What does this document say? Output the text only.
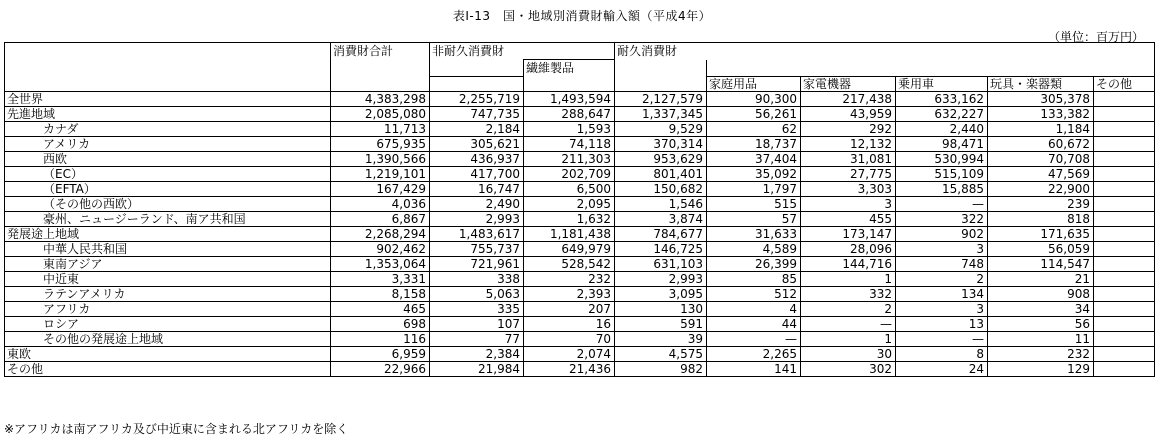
表Ⅰ-13　国・地域別消費財輸入額（平成4年）
（単位：百万円）
	消費財合計	非耐久消費財		耐久消費財					
			繊維製品						
					家庭用品	家電機器	乗用車	玩具・楽器類	その他
全世界	4,383,298	2,255,719	1,493,594	2,127,579	90,300	217,438	633,162	305,378	
先進地域	2,085,080	747,735	288,647	1,337,345	56,261	43,959	632,227	133,382	
カナダ	11,713	2,184	1,593	9,529	62	292	2,440	1,184	
アメリカ	675,935	305,621	74,118	370,314	18,737	12,132	98,471	60,672	
西欧	1,390,566	436,937	211,303	953,629	37,404	31,081	530,994	70,708	
（EC）	1,219,101	417,700	202,709	801,401	35,092	27,775	515,109	47,569	
（EFTA）	167,429	16,747	6,500	150,682	1,797	3,303	15,885	22,900	
（その他の西欧）	4,036	2,490	2,095	1,546	515	3	—	239	
豪州、ニュージーランド、南ア共和国	6,867	2,993	1,632	3,874	57	455	322	818	
発展途上地域	2,268,294	1,483,617	1,181,438	784,677	31,633	173,147	902	171,635	
中華人民共和国	902,462	755,737	649,979	146,725	4,589	28,096	3	56,059	
東南アジア	1,353,064	721,961	528,542	631,103	26,399	144,716	748	114,547	
中近東	3,331	338	232	2,993	85	1	2	21	
ラテンアメリカ	8,158	5,063	2,393	3,095	512	332	134	908	
アフリカ	465	335	207	130	4	2	3	34	
ロシア	698	107	16	591	44	—	13	56	
その他の発展途上地域	116	77	70	39	—	1	—	11	
東欧	6,959	2,384	2,074	4,575	2,265	30	8	232	
その他	22,966	21,984	21,436	982	141	302	24	129	
※アフリカは南アフリカ及び中近東に含まれる北アフリカを除く
